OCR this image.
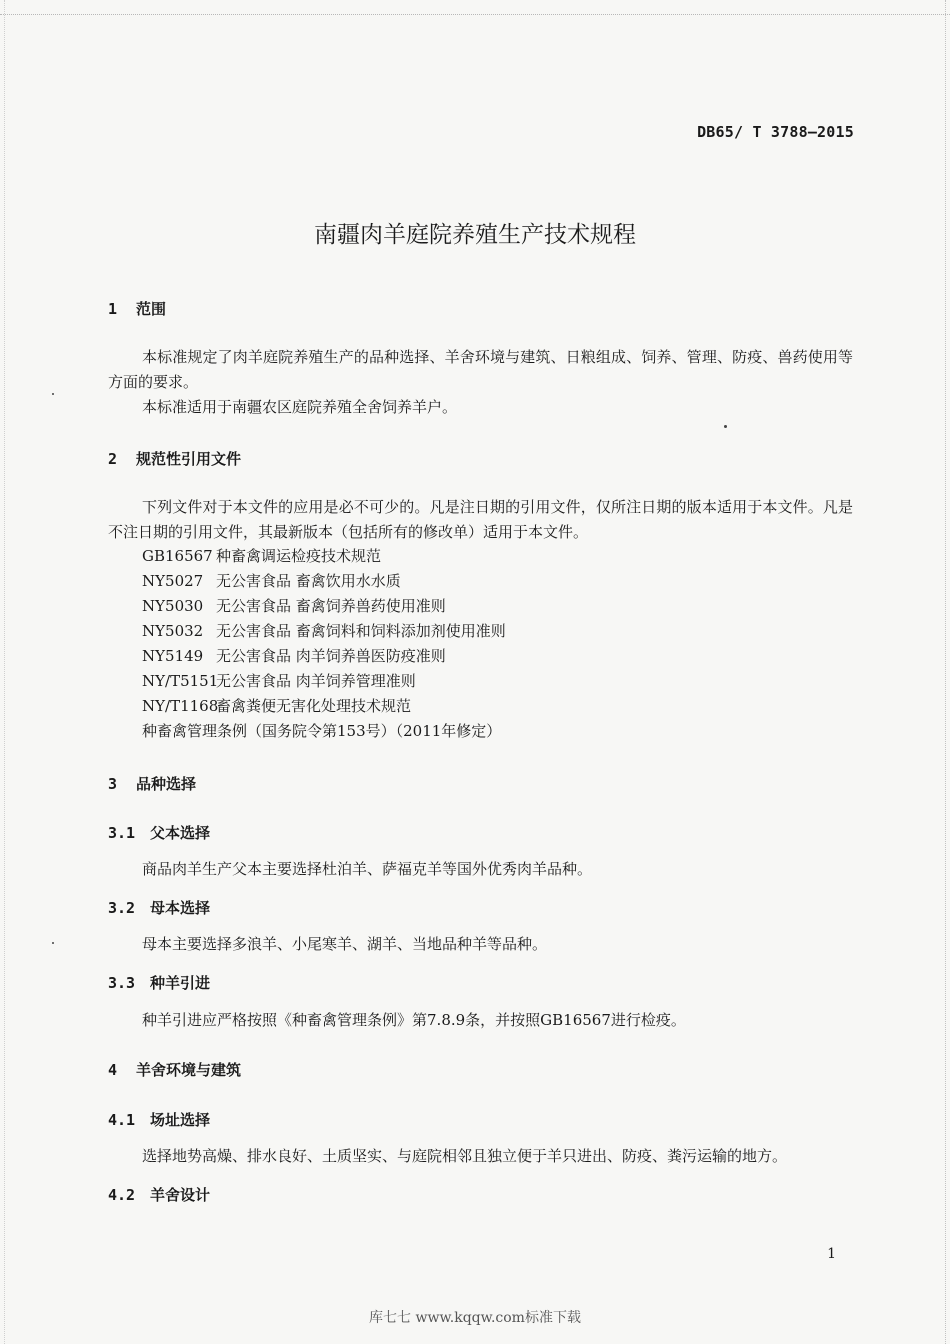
DB65/ T 3788—2015
南疆肉羊庭院养殖生产技术规程
1 范围
本标准规定了肉羊庭院养殖生产的品种选择、羊舍环境与建筑、日粮组成、饲养、管理、防疫、兽药使用等方面的要求。
本标准适用于南疆农区庭院养殖全舍饲养羊户。
2 规范性引用文件
下列文件对于本文件的应用是必不可少的。凡是注日期的引用文件，仅所注日期的版本适用于本文件。凡是不注日期的引用文件，其最新版本（包括所有的修改单）适用于本文件。
GB16567 种畜禽调运检疫技术规范
NY5027 无公害食品 畜禽饮用水水质
NY5030 无公害食品 畜禽饲养兽药使用准则
NY5032 无公害食品 畜禽饲料和饲料添加剂使用准则
NY5149 无公害食品 肉羊饲养兽医防疫准则
NY/T5151无公害食品 肉羊饲养管理准则
NY/T1168畜禽粪便无害化处理技术规范
种畜禽管理条例（国务院令第153号）（2011年修定）
3 品种选择
3.1 父本选择
商品肉羊生产父本主要选择杜泊羊、萨福克羊等国外优秀肉羊品种。
3.2 母本选择
母本主要选择多浪羊、小尾寒羊、湖羊、当地品种羊等品种。
3.3 种羊引进
种羊引进应严格按照《种畜禽管理条例》第7.8.9条，并按照GB16567进行检疫。
4 羊舍环境与建筑
4.1 场址选择
选择地势高燥、排水良好、土质坚实、与庭院相邻且独立便于羊只进出、防疫、粪污运输的地方。
4.2 羊舍设计
1
库七七 www.kqqw.com标准下载
